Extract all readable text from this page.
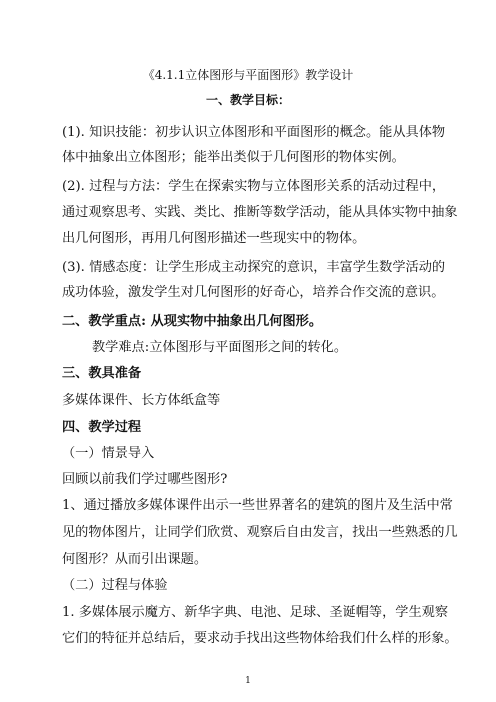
《4.1.1立体图形与平面图形》教学设计
一、教学目标：
(1). 知识技能：初步认识立体图形和平面图形的概念。能从具体物
体中抽象出立体图形；能举出类似于几何图形的物体实例。
(2). 过程与方法：学生在探索实物与立体图形关系的活动过程中，
通过观察思考、实践、类比、推断等数学活动，能从具体实物中抽象
出几何图形，再用几何图形描述一些现实中的物体。
(3). 情感态度：让学生形成主动探究的意识，丰富学生数学活动的
成功体验，激发学生对几何图形的好奇心，培养合作交流的意识。
二、教学重点: 从现实物中抽象出几何图形。
教学难点:立体图形与平面图形之间的转化。
三、教具准备
多媒体课件、长方体纸盒等
四、教学过程
（一）情景导入
回顾以前我们学过哪些图形?
1、通过播放多媒体课件出示一些世界著名的建筑的图片及生活中常
见的物体图片，让同学们欣赏、观察后自由发言，找出一些熟悉的几
何图形？从而引出课题。
（二）过程与体验
1. 多媒体展示魔方、新华字典、电池、足球、圣诞帽等，学生观察
它们的特征并总结后，要求动手找出这些物体给我们什么样的形象。
1
